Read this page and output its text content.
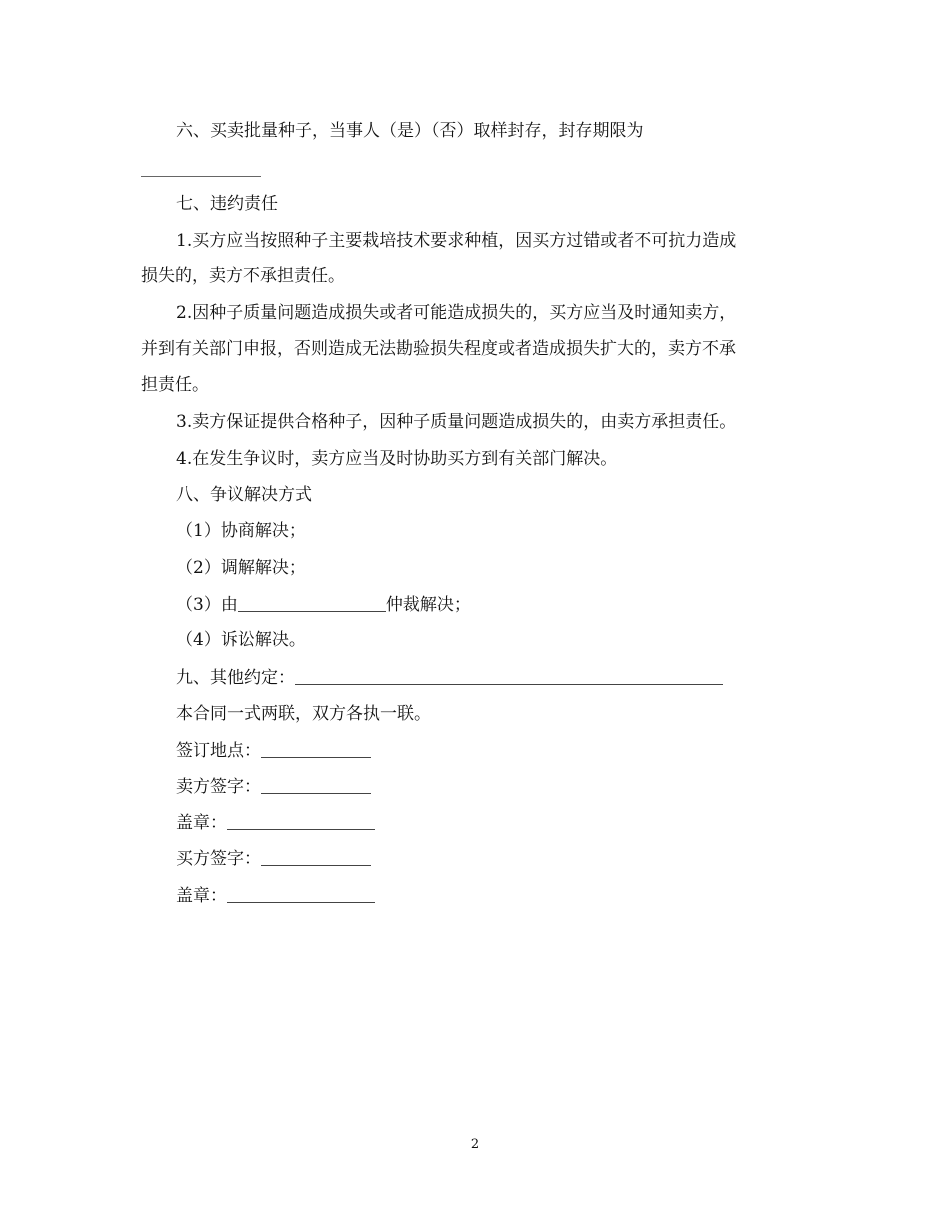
六、买卖批量种子，当事人（是）（否）取样封存，封存期限为
七、违约责任
1.买方应当按照种子主要栽培技术要求种植，因买方过错或者不可抗力造成
损失的，卖方不承担责任。
2.因种子质量问题造成损失或者可能造成损失的，买方应当及时通知卖方，
并到有关部门申报，否则造成无法勘验损失程度或者造成损失扩大的，卖方不承
担责任。
3.卖方保证提供合格种子，因种子质量问题造成损失的，由卖方承担责任。
4.在发生争议时，卖方应当及时协助买方到有关部门解决。
八、争议解决方式
（1）协商解决；
（2）调解解决；
（3）由	仲裁解决；
（4）诉讼解决。
九、其他约定：
本合同一式两联，双方各执一联。
签订地点：
卖方签字：
盖章：
买方签字：
盖章：
2
